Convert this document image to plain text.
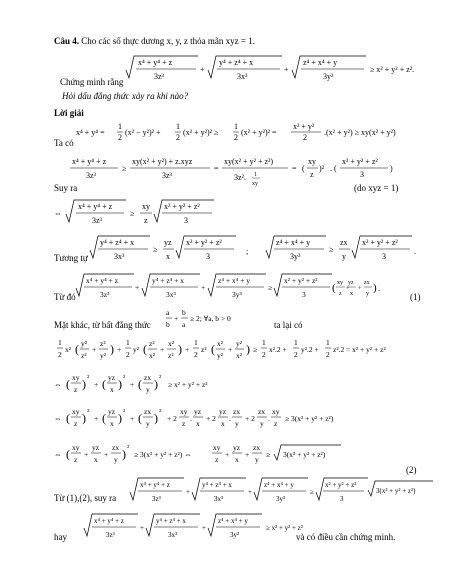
Câu 4. Cho các số thực dương x, y, z thỏa mãn xyz = 1.
Chứng minh rằng
x⁴ + y⁴ + z
3z³
+
y⁴ + z⁴ + x
3x³
+
z⁴ + x⁴ + y
3y³
≥ x² + y² + z².
Hỏi dấu đẳng thức xảy ra khi nào?
Lời giải
Ta có
x⁴ + y⁴ =
1
2
(x² − y²)² +
1
2
(x² + y²)² ≥
1
2
(x² + y²)² =
x² + y²
2
.(x² + y²) ≥ xy(x² + y²)
x⁴ + y⁴ + z
3z³
≥
xy(x² + y²) + z.xyz
3z³
=
xy(x² + y² + z²)
3z². 1
xy
= (
xy
z
)² . (
x² + y² + z²
3
)
Suy ra	(do xyz = 1)
⇔
x⁴ + y⁴ + z
3z³
≥
xy
z
x² + y² + z²
3
Tương tự
y⁴ + z⁴ + x
3x³
≥
yz
x
x² + y² + z²
3
;
z⁴ + x⁴ + y
3y³
≥
zx
y
x² + y² + z²
3
.
Từ đó
x⁴ + y⁴ + z
3z³
+
y⁴ + z⁴ + x
3x³
+
z⁴ + x⁴ + y
3y³
≥
x² + y² + z²
3
( xy
z
+
yz
x
+
zx
y ) .
(1)
Mặt khác, từ bất đẳng thức
a
b
+
b
a
≥ 2; ∀a, b > 0
ta lại có
1
2
x² ( y²
z²
+
z²
y² ) +
1
2
y² ( z²
x²
+
x²
z² ) +
1
2
z² ( x²
y²
+
y²
x² ) ≥
1
2
x².2 +
1
2
y².2 +
1
2
z².2 = x² + y² + z²
⇔ ( xy
z ) ²
+ ( yz
x ) ²
+ ( zx
y ) ²
≥ x² + y² + z²
⇔ ( xy
z ) ²
+ ( yz
x ) ²
+ ( zx
y ) ²
+ 2
xy
z
.
yz
x
+ 2
yz
x
.
zx
y
+ 2
zx
y
.
xy
z
≥ 3(x² + y² + z²)
⇔ ( xy
z
+
yz
x
+
zx
y ) ²
≥ 3(x² + y² + z²) ⇔
xy
z
+
yz
x
+
zx
y
≥ 3(x² + y² + z²)
(2)
Từ (1),(2), suy ra
x⁴ + y⁴ + z
3z³
+
y⁴ + z⁴ + x
3x³
+
z⁴ + x⁴ + y
3y³
≥
x² + y² + z²
3
3(x² + y² + z²)
hay
x⁴ + y⁴ + z
3z³
+
y⁴ + z⁴ + x
3x³
+
z⁴ + x⁴ + y
3y³
≥ x² + y² + z²
và có điều cần chứng minh.
